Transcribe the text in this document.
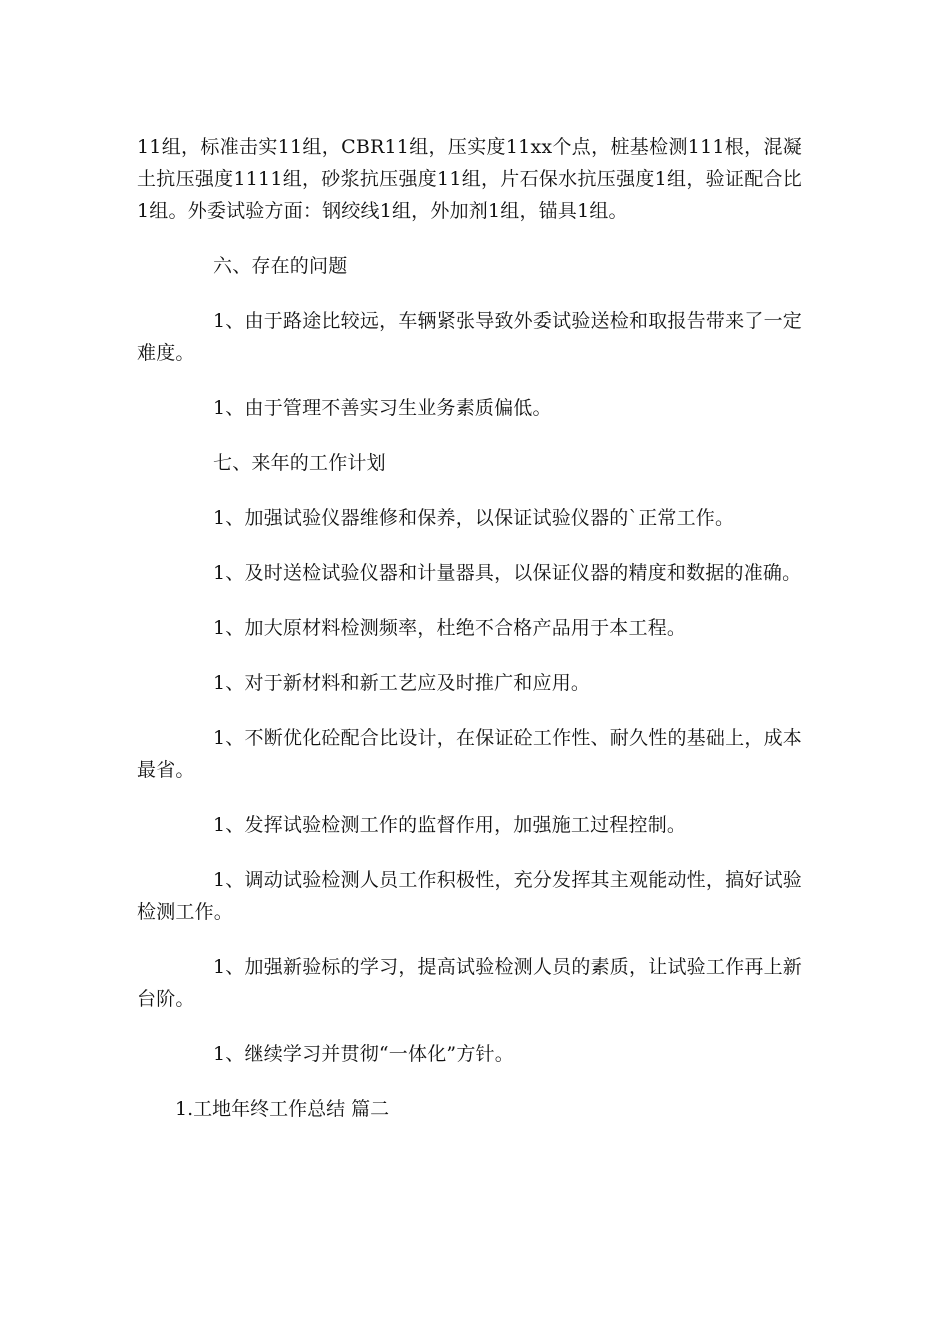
11组，标准击实11组，CBR11组，压实度11xx个点，桩基检测111根，混凝土抗压强度1111组，砂浆抗压强度11组，片石保水抗压强度1组，验证配合比1组。外委试验方面：钢绞线1组，外加剂1组，锚具1组。

六、存在的问题

1、由于路途比较远，车辆紧张导致外委试验送检和取报告带来了一定难度。

1、由于管理不善实习生业务素质偏低。

七、来年的工作计划

1、加强试验仪器维修和保养，以保证试验仪器的`正常工作。

1、及时送检试验仪器和计量器具，以保证仪器的精度和数据的准确。

1、加大原材料检测频率，杜绝不合格产品用于本工程。

1、对于新材料和新工艺应及时推广和应用。

1、不断优化砼配合比设计，在保证砼工作性、耐久性的基础上，成本最省。

1、发挥试验检测工作的监督作用，加强施工过程控制。

1、调动试验检测人员工作积极性，充分发挥其主观能动性，搞好试验检测工作。

1、加强新验标的学习，提高试验检测人员的素质，让试验工作再上新台阶。

1、继续学习并贯彻“一体化”方针。

1.工地年终工作总结 篇二
